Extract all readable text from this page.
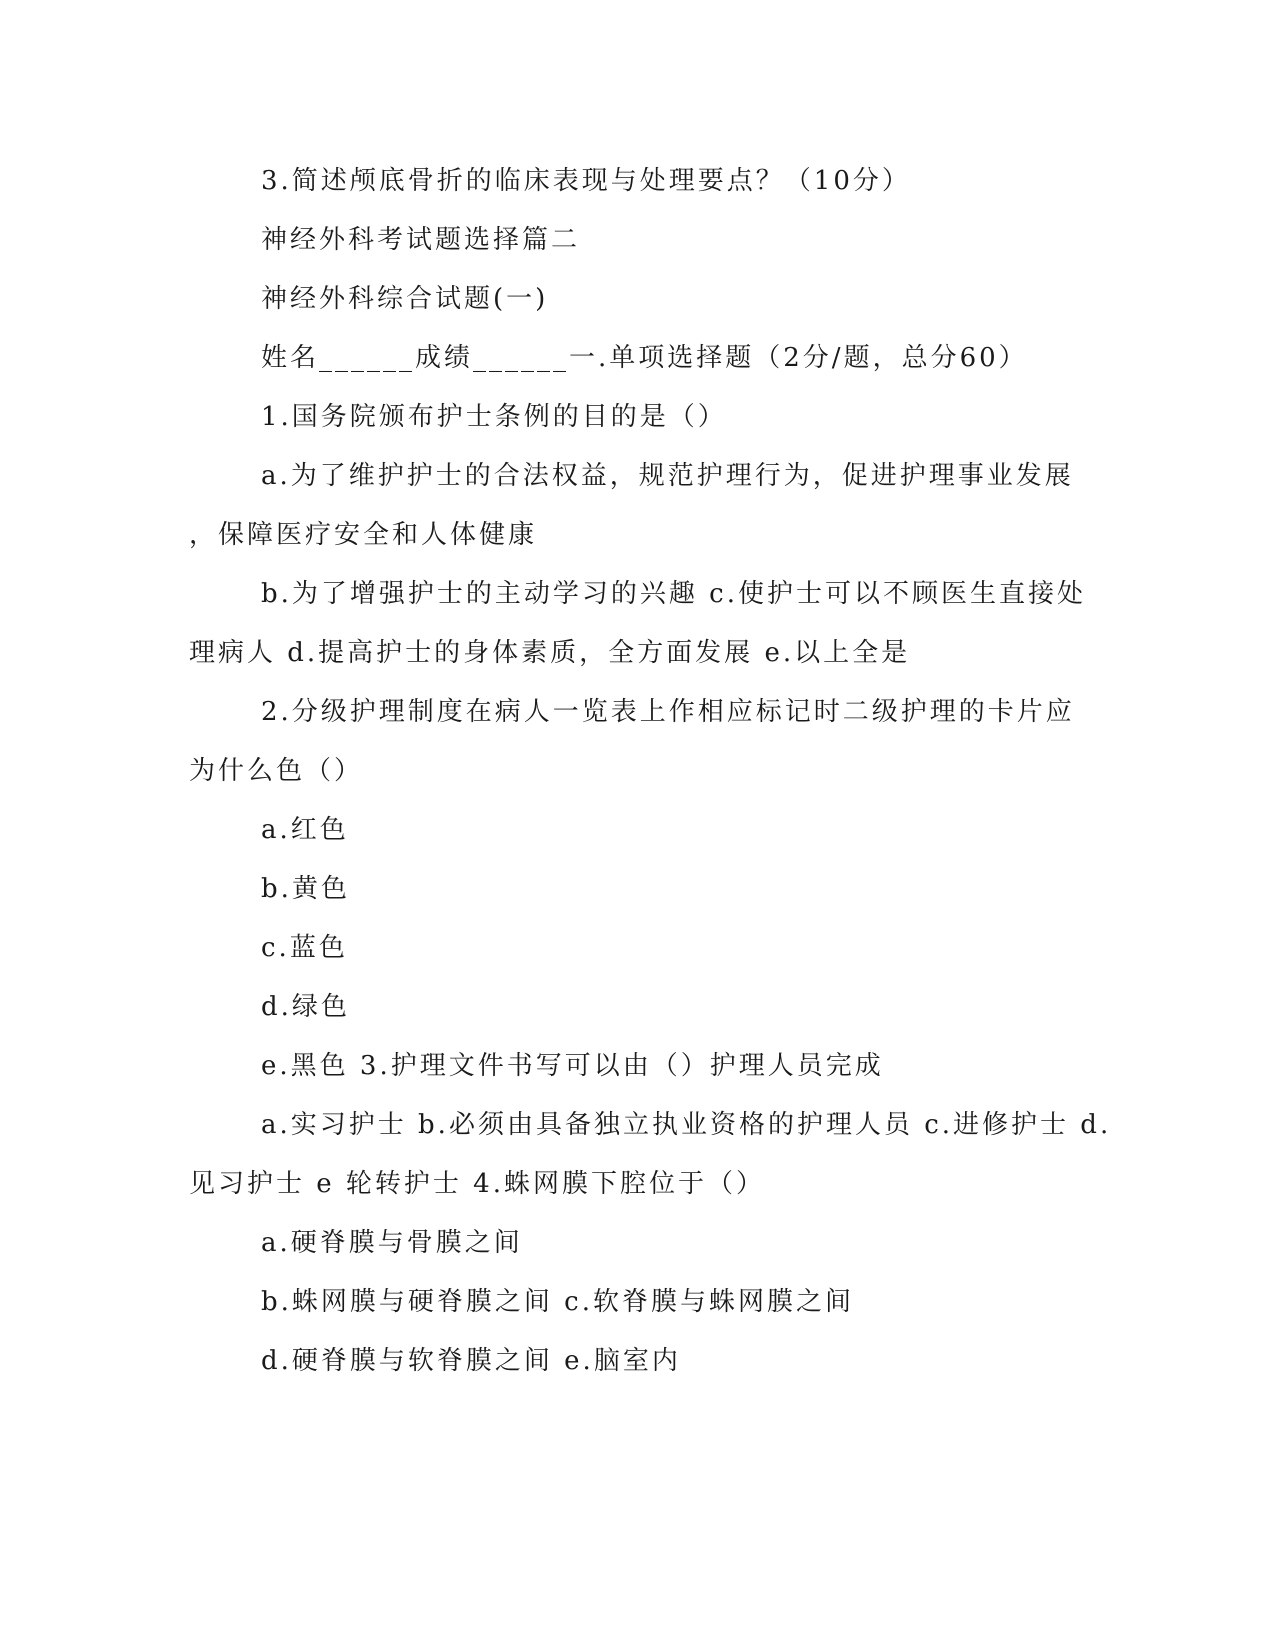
3.简述颅底骨折的临床表现与处理要点？（10分）
神经外科考试题选择篇二
神经外科综合试题(一)
姓名______成绩______一.单项选择题（2分/题，总分60）
1.国务院颁布护士条例的目的是（）
a.为了维护护士的合法权益，规范护理行为，促进护理事业发展
，保障医疗安全和人体健康
b.为了增强护士的主动学习的兴趣 c.使护士可以不顾医生直接处
理病人 d.提高护士的身体素质，全方面发展 e.以上全是
2.分级护理制度在病人一览表上作相应标记时二级护理的卡片应
为什么色（）
a.红色
b.黄色
c.蓝色
d.绿色
e.黑色 3.护理文件书写可以由（）护理人员完成
a.实习护士 b.必须由具备独立执业资格的护理人员 c.进修护士 d.
见习护士 e 轮转护士 4.蛛网膜下腔位于（）
a.硬脊膜与骨膜之间
b.蛛网膜与硬脊膜之间 c.软脊膜与蛛网膜之间
d.硬脊膜与软脊膜之间 e.脑室内
